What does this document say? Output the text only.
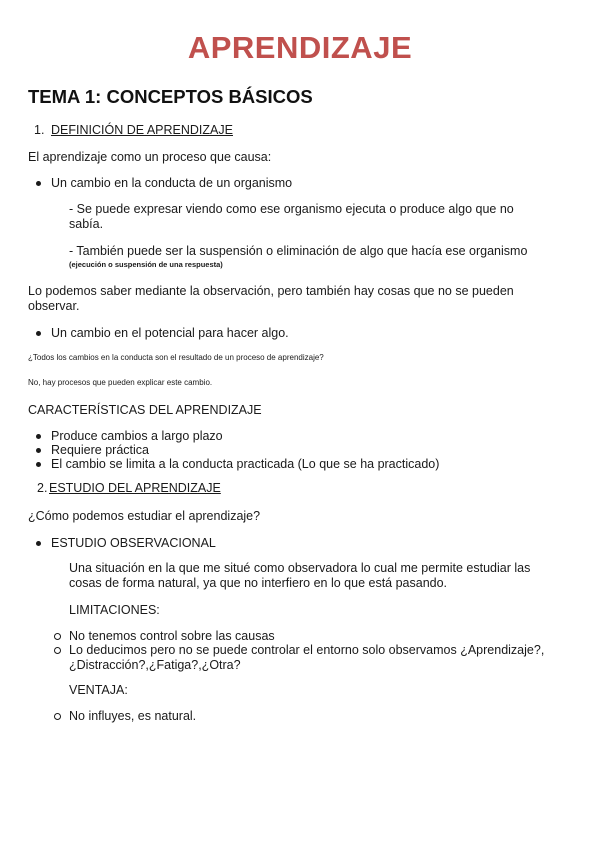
APRENDIZAJE
TEMA 1: CONCEPTOS BÁSICOS
1. DEFINICIÓN DE APRENDIZAJE

El aprendizaje como un proceso que causa:

Un cambio en la conducta de un organismo

- Se puede expresar viendo como ese organismo ejecuta o produce algo que no sabía.

- También puede ser la suspensión o eliminación de algo que hacía ese organismo

(ejecución o suspensión de una respuesta)

Lo podemos saber mediante la observación, pero también hay cosas que no se pueden observar.

Un cambio en el potencial para hacer algo.

¿Todos los cambios en la conducta son el resultado de un proceso de aprendizaje?

No, hay procesos que pueden explicar este cambio.

CARACTERÍSTICAS DEL APRENDIZAJE

Produce cambios a largo plazo

Requiere práctica

El cambio se limita a la conducta practicada (Lo que se ha practicado)

2. ESTUDIO DEL APRENDIZAJE

¿Cómo podemos estudiar el aprendizaje?

ESTUDIO OBSERVACIONAL

Una situación en la que me situé como observadora lo cual me permite estudiar las cosas de forma natural, ya que no interfiero en lo que está pasando.

LIMITACIONES:

No tenemos control sobre las causas

Lo deducimos pero no se puede controlar el entorno solo observamos ¿Aprendizaje?, ¿Distracción?,¿Fatiga?,¿Otra?

VENTAJA:

No influyes, es natural.
